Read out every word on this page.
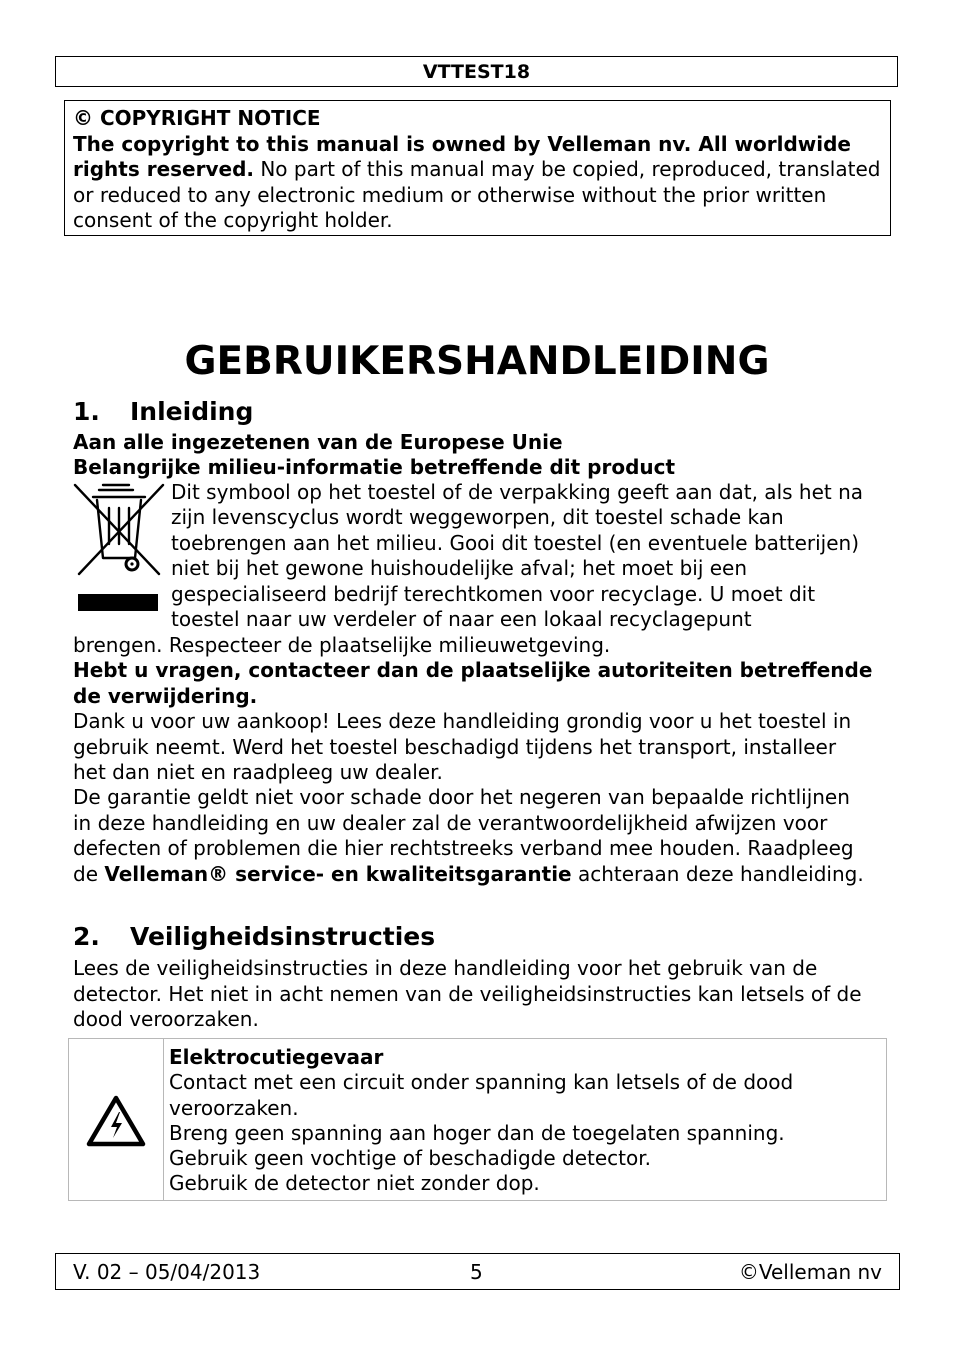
VTTEST18

© COPYRIGHT NOTICE

The copyright to this manual is owned by Velleman nv. All worldwide rights reserved. No part of this manual may be copied, reproduced, translated or reduced to any electronic medium or otherwise without the prior written consent of the copyright holder.

GEBRUIKERSHANDLEIDING
1. Inleiding

Aan alle ingezetenen van de Europese Unie

Belangrijke milieu-informatie betreffende dit product

Dit symbool op het toestel of de verpakking geeft aan dat, als het na zijn levenscyclus wordt weggeworpen, dit toestel schade kan toebrengen aan het milieu. Gooi dit toestel (en eventuele batterijen) niet bij het gewone huishoudelijke afval; het moet bij een gespecialiseerd bedrijf terechtkomen voor recyclage. U moet dit toestel naar uw verdeler of naar een lokaal recyclagepunt

brengen. Respecteer de plaatselijke milieuwetgeving.

Hebt u vragen, contacteer dan de plaatselijke autoriteiten betreffende de verwijdering.

Dank u voor uw aankoop! Lees deze handleiding grondig voor u het toestel in gebruik neemt. Werd het toestel beschadigd tijdens het transport, installeer het dan niet en raadpleeg uw dealer.

De garantie geldt niet voor schade door het negeren van bepaalde richtlijnen in deze handleiding en uw dealer zal de verantwoordelijkheid afwijzen voor defecten of problemen die hier rechtstreeks verband mee houden. Raadpleeg de Velleman® service- en kwaliteitsgarantie achteraan deze handleiding.

2. Veiligheidsinstructies

Lees de veiligheidsinstructies in deze handleiding voor het gebruik van de detector. Het niet in acht nemen van de veiligheidsinstructies kan letsels of de dood veroorzaken.

Elektrocutiegevaar

Contact met een circuit onder spanning kan letsels of de dood veroorzaken.

Breng geen spanning aan hoger dan de toegelaten spanning.

Gebruik geen vochtige of beschadigde detector.

Gebruik de detector niet zonder dop.

V. 02 – 05/04/2013	5	©Velleman nv
